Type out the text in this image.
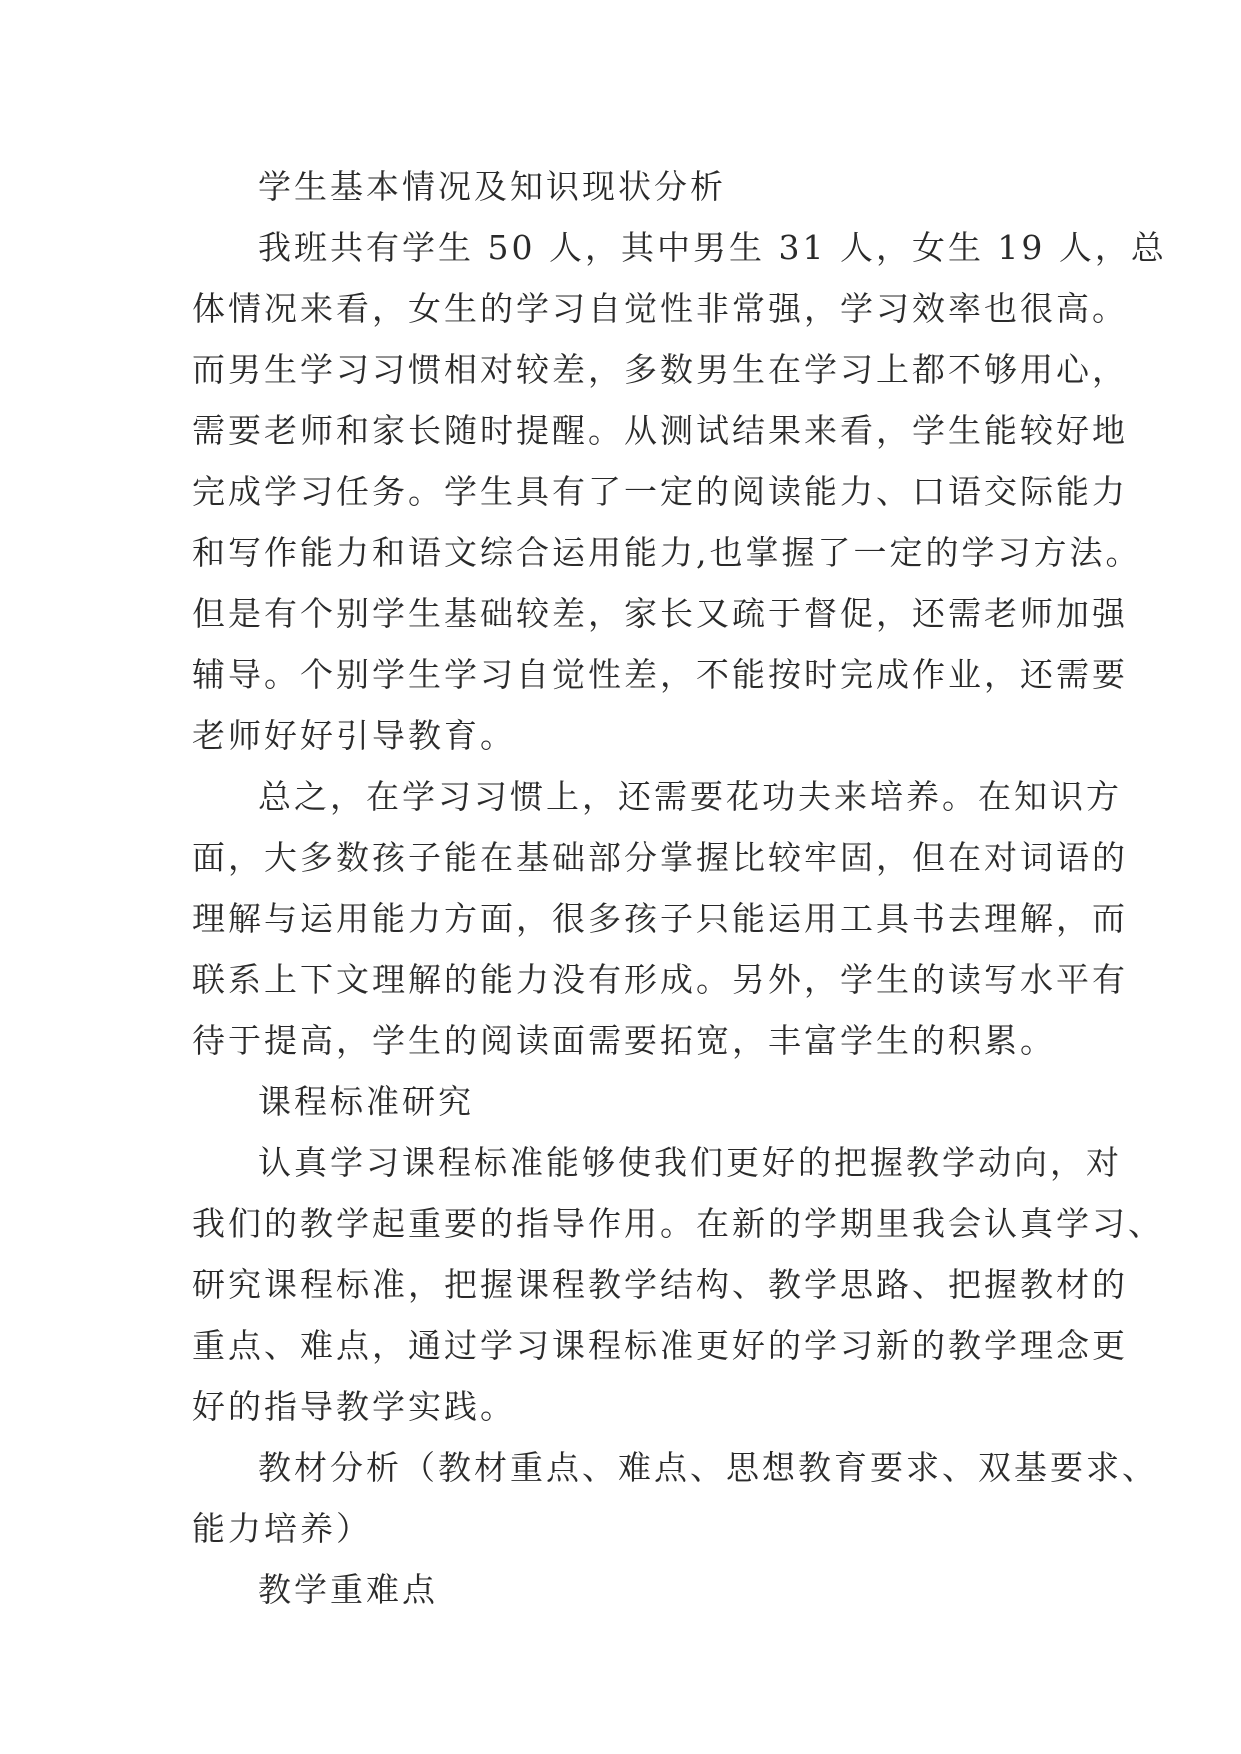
学生基本情况及知识现状分析
我班共有学生 50 人，其中男生 31 人，女生 19 人，总
体情况来看，女生的学习自觉性非常强，学习效率也很高。
而男生学习习惯相对较差，多数男生在学习上都不够用心，
需要老师和家长随时提醒。从测试结果来看，学生能较好地
完成学习任务。学生具有了一定的阅读能力、口语交际能力
和写作能力和语文综合运用能力,也掌握了一定的学习方法。
但是有个别学生基础较差，家长又疏于督促，还需老师加强
辅导。个别学生学习自觉性差，不能按时完成作业，还需要
老师好好引导教育。
总之，在学习习惯上，还需要花功夫来培养。在知识方
面，大多数孩子能在基础部分掌握比较牢固，但在对词语的
理解与运用能力方面，很多孩子只能运用工具书去理解，而
联系上下文理解的能力没有形成。另外，学生的读写水平有
待于提高，学生的阅读面需要拓宽，丰富学生的积累。
课程标准研究
认真学习课程标准能够使我们更好的把握教学动向，对
我们的教学起重要的指导作用。在新的学期里我会认真学习、
研究课程标准，把握课程教学结构、教学思路、把握教材的
重点、难点，通过学习课程标准更好的学习新的教学理念更
好的指导教学实践。
教材分析（教材重点、难点、思想教育要求、双基要求、
能力培养）
教学重难点
